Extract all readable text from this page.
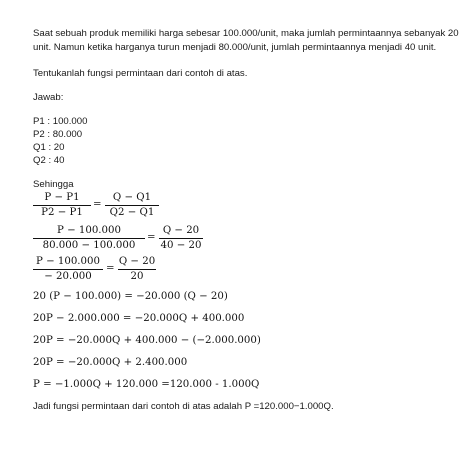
Saat sebuah produk memiliki harga sebesar 100.000/unit, maka jumlah permintaannya sebanyak 20
unit. Namun ketika harganya turun menjadi 80.000/unit, jumlah permintaannya menjadi 40 unit.
Tentukanlah fungsi permintaan dari contoh di atas.
Jawab:
P1 : 100.000
P2 : 80.000
Q1 : 20
Q2 : 40
Sehingga
P − P1
P2 − P1
=
Q − Q1
Q2 − Q1
P − 100.000
80.000 − 100.000
=
Q − 20
40 − 20
P − 100.000
− 20.000
=
Q − 20
20
20 (P − 100.000) = −20.000 (Q − 20)
20P − 2.000.000 = −20.000Q + 400.000
20P = −20.000Q + 400.000 − (−2.000.000)
20P = −20.000Q + 2.400.000
P = −1.000Q + 120.000 =120.000 - 1.000Q
Jadi fungsi permintaan dari contoh di atas adalah P =120.000−1.000Q.
